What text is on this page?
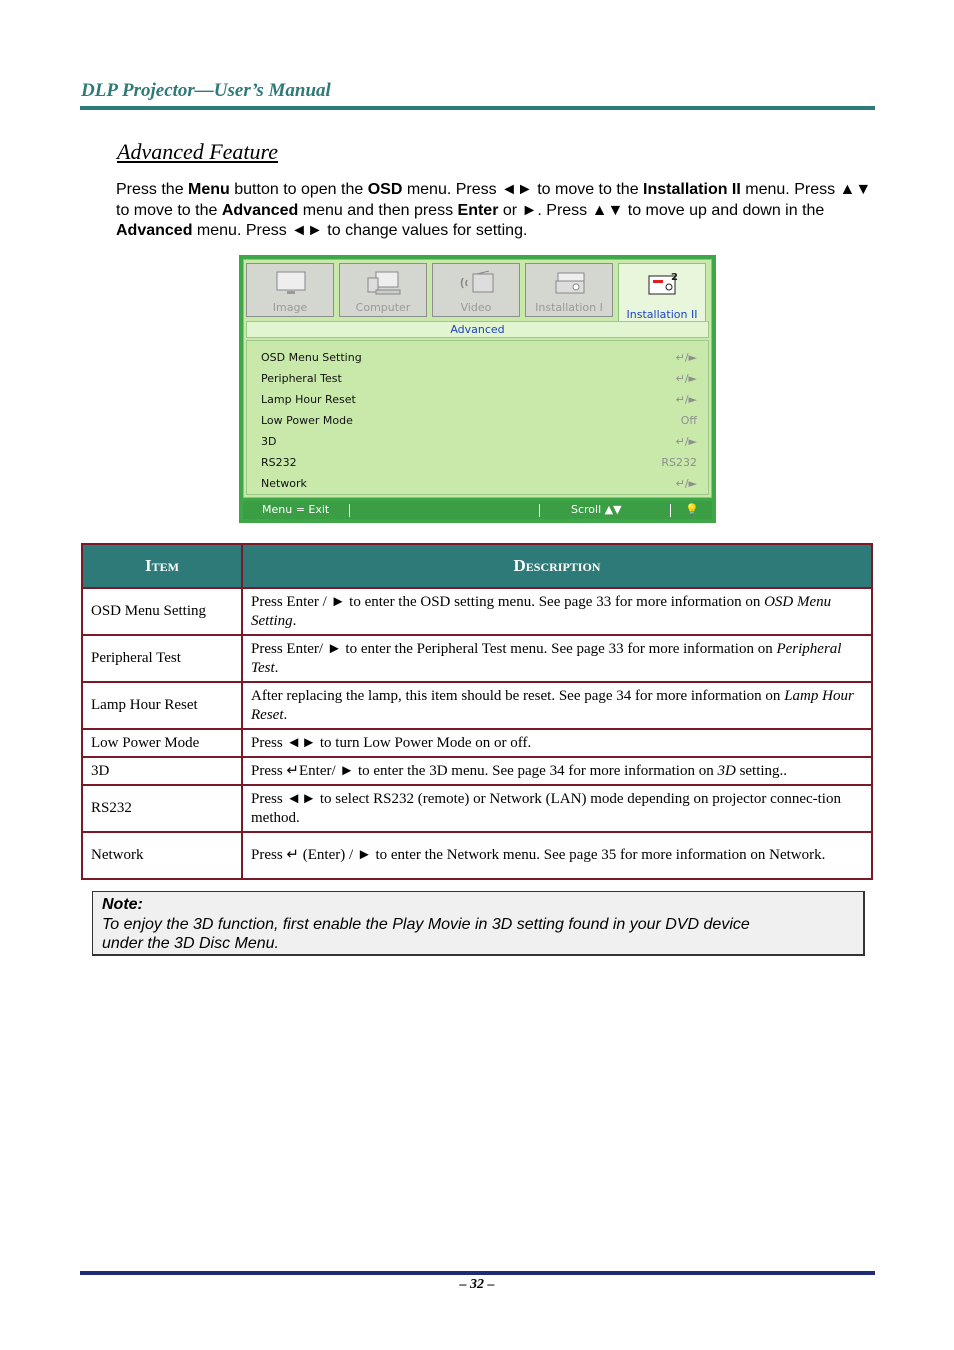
DLP Projector—User’s Manual
Advanced Feature
Press the Menu button to open the OSD menu. Press ◄► to move to the Installation II menu. Press ▲▼ to move to the Advanced menu and then press Enter or ►. Press ▲▼ to move up and down in the Advanced menu. Press ◄► to change values for setting.
Image	Computer	Video	Installation I
2
Installation II
Advanced
OSD Menu Setting	↵/►
Peripheral Test	↵/►
Lamp Hour Reset	↵/►
Low Power Mode	Off
3D	↵/►
RS232	RS232
Network	↵/►
Menu = Exit	Scroll ▲▼	💡
Item	Description
OSD Menu Setting	Press Enter / ► to enter the OSD setting menu. See page 33 for more information on OSD Menu Setting.
Peripheral Test	Press Enter/ ► to enter the Peripheral Test menu. See page 33 for more information on Peripheral Test.
Lamp Hour Reset	After replacing the lamp, this item should be reset. See page 34 for more information on Lamp Hour Reset.
Low Power Mode	Press ◄► to turn Low Power Mode on or off.
3D	Press ↵Enter/ ► to enter the 3D menu. See page 34 for more information on 3D setting..
RS232	Press ◄► to select RS232 (remote) or Network (LAN) mode depending on projector connec-tion method.
Network	Press ↵ (Enter) / ► to enter the Network menu. See page 35 for more information on Network.
Note:
To enjoy the 3D function, first enable the Play Movie in 3D setting found in your DVD device under the 3D Disc Menu.
– 32 –
